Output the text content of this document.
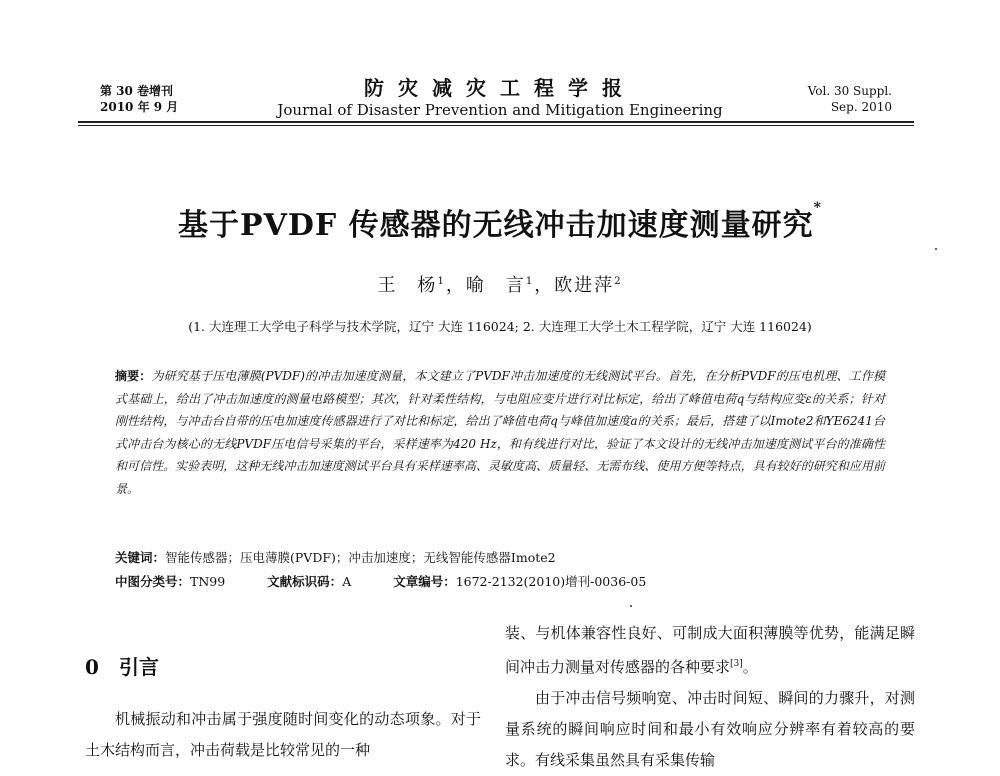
第 30 卷增刊
2010 年 9 月
防灾减灾工程学报
Journal of Disaster Prevention and Mitigation Engineering
Vol. 30 Suppl.
Sep. 2010
基于PVDF 传感器的无线冲击加速度测量研究*
王　杨$^1$，喻　言$^1$，欧进萍$^2$
(1. 大连理工大学电子科学与技术学院，辽宁 大连 116024; 2. 大连理工大学土木工程学院，辽宁 大连 116024)
摘要：为研究基于压电薄膜(PVDF)的冲击加速度测量，本文建立了PVDF冲击加速度的无线测试平台。首先，在分析PVDF的压电机理、工作模式基础上，给出了冲击加速度的测量电路模型；其次，针对柔性结构，与电阻应变片进行对比标定，给出了峰值电荷q与结构应变ε的关系；针对刚性结构，与冲击台自带的压电加速度传感器进行了对比和标定，给出了峰值电荷q与峰值加速度a的关系；最后，搭建了以Imote2和YE6241台式冲击台为核心的无线PVDF压电信号采集的平台，采样速率为420 Hz，和有线进行对比，验证了本文设计的无线冲击加速度测试平台的准确性和可信性。实验表明，这种无线冲击加速度测试平台具有采样速率高、灵敏度高、质量轻、无需布线、使用方便等特点，具有较好的研究和应用前景。
关键词：智能传感器；压电薄膜(PVDF)；冲击加速度；无线智能传感器Imote2
中图分类号：TN99	文献标识码：A	文章编号：1672-2132(2010)增刊-0036-05
0 引言
机械振动和冲击属于强度随时间变化的动态项象。对于土木结构而言，冲击荷载是比较常见的一种

装、与机体兼容性良好、可制成大面积薄膜等优势，能满足瞬间冲击力测量对传感器的各种要求[3]。

由于冲击信号频响宽、冲击时间短、瞬间的力骤升，对测量系统的瞬间响应时间和最小有效响应分辨率有着较高的要求。有线采集虽然具有采集传输
